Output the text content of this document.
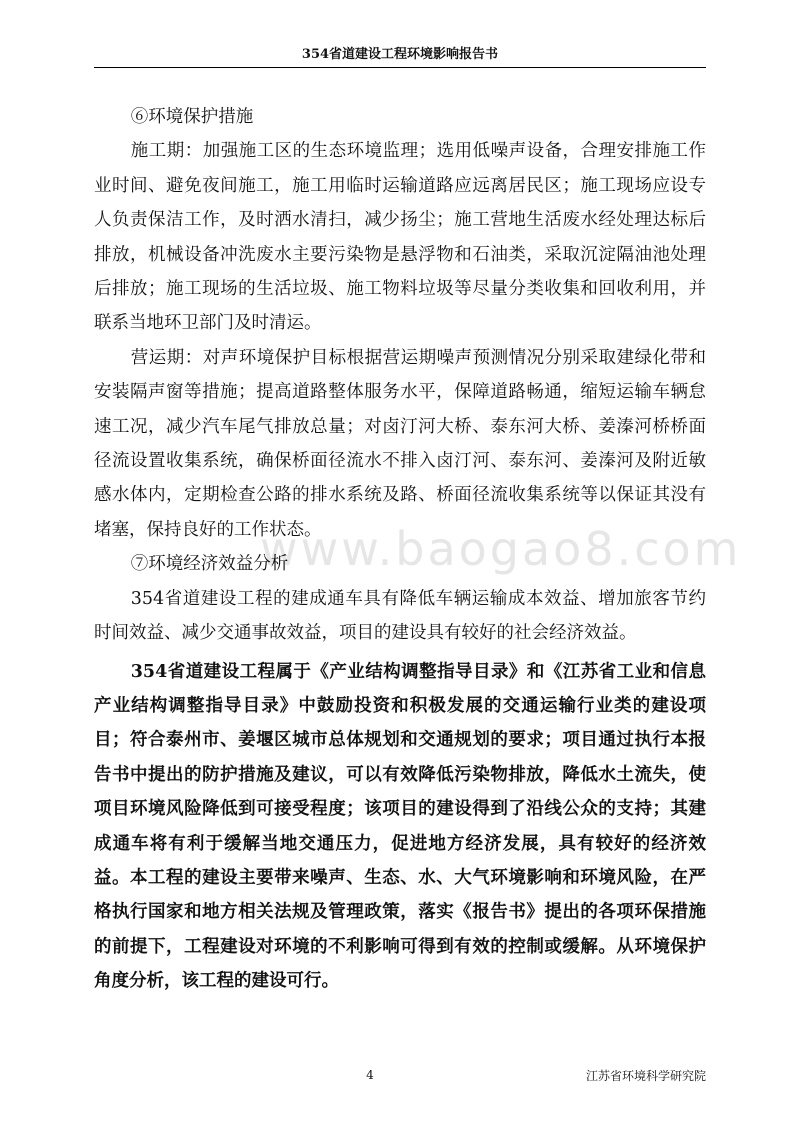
354省道建设工程环境影响报告书
www.baogao8.com

⑥环境保护措施

施工期：加强施工区的生态环境监理；选用低噪声设备，合理安排施工作业时间、避免夜间施工，施工用临时运输道路应远离居民区；施工现场应设专人负责保洁工作，及时洒水清扫，减少扬尘；施工营地生活废水经处理达标后排放，机械设备冲洗废水主要污染物是悬浮物和石油类，采取沉淀隔油池处理后排放；施工现场的生活垃圾、施工物料垃圾等尽量分类收集和回收利用，并联系当地环卫部门及时清运。

营运期：对声环境保护目标根据营运期噪声预测情况分别采取建绿化带和安装隔声窗等措施；提高道路整体服务水平，保障道路畅通，缩短运输车辆怠速工况，减少汽车尾气排放总量；对卤汀河大桥、泰东河大桥、姜溱河桥桥面径流设置收集系统，确保桥面径流水不排入卤汀河、泰东河、姜溱河及附近敏感水体内，定期检查公路的排水系统及路、桥面径流收集系统等以保证其没有堵塞，保持良好的工作状态。

⑦环境经济效益分析

354省道建设工程的建成通车具有降低车辆运输成本效益、增加旅客节约时间效益、减少交通事故效益，项目的建设具有较好的社会经济效益。

354省道建设工程属于《产业结构调整指导目录》和《江苏省工业和信息产业结构调整指导目录》中鼓励投资和积极发展的交通运输行业类的建设项目；符合泰州市、姜堰区城市总体规划和交通规划的要求；项目通过执行本报告书中提出的防护措施及建议，可以有效降低污染物排放，降低水土流失，使项目环境风险降低到可接受程度；该项目的建设得到了沿线公众的支持；其建成通车将有利于缓解当地交通压力，促进地方经济发展，具有较好的经济效益。本工程的建设主要带来噪声、生态、水、大气环境影响和环境风险，在严格执行国家和地方相关法规及管理政策，落实《报告书》提出的各项环保措施的前提下，工程建设对环境的不利影响可得到有效的控制或缓解。从环境保护角度分析，该工程的建设可行。

4	江苏省环境科学研究院
